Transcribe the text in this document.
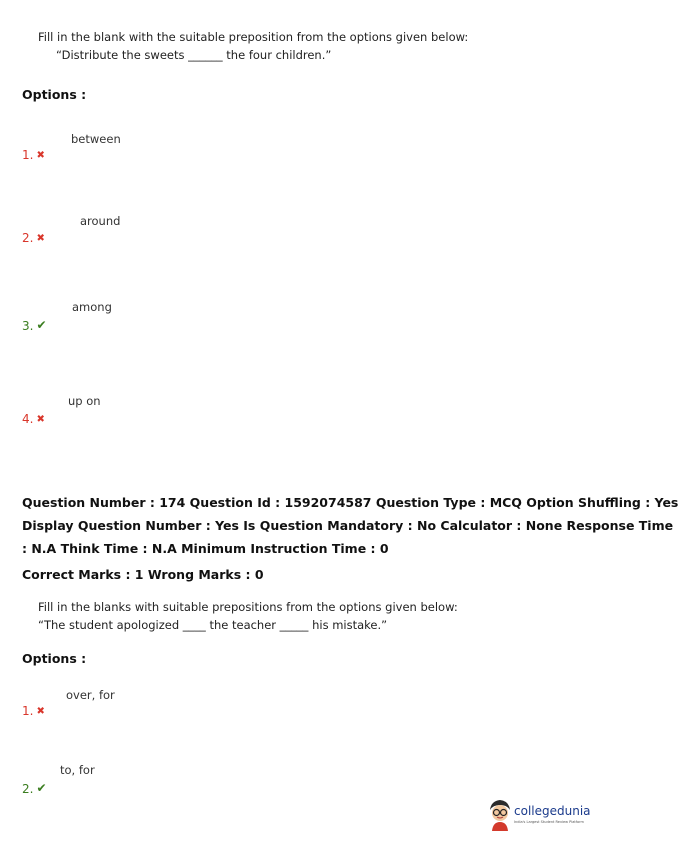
Fill in the blank with the suitable preposition from the options given below:
“Distribute the sweets ______ the four children.”
Options :
between
1. ✖
around
2. ✖
among
3. ✔
up on
4. ✖
Question Number : 174 Question Id : 1592074587 Question Type : MCQ Option Shuffling : Yes
Display Question Number : Yes Is Question Mandatory : No Calculator : None Response Time
: N.A Think Time : N.A Minimum Instruction Time : 0
Correct Marks : 1 Wrong Marks : 0
Fill in the blanks with suitable prepositions from the options given below:
“The student apologized ____ the teacher _____ his mistake.”
Options :
over, for
1. ✖
to, for
2. ✔
collegedunia
India's Largest Student Review Platform
